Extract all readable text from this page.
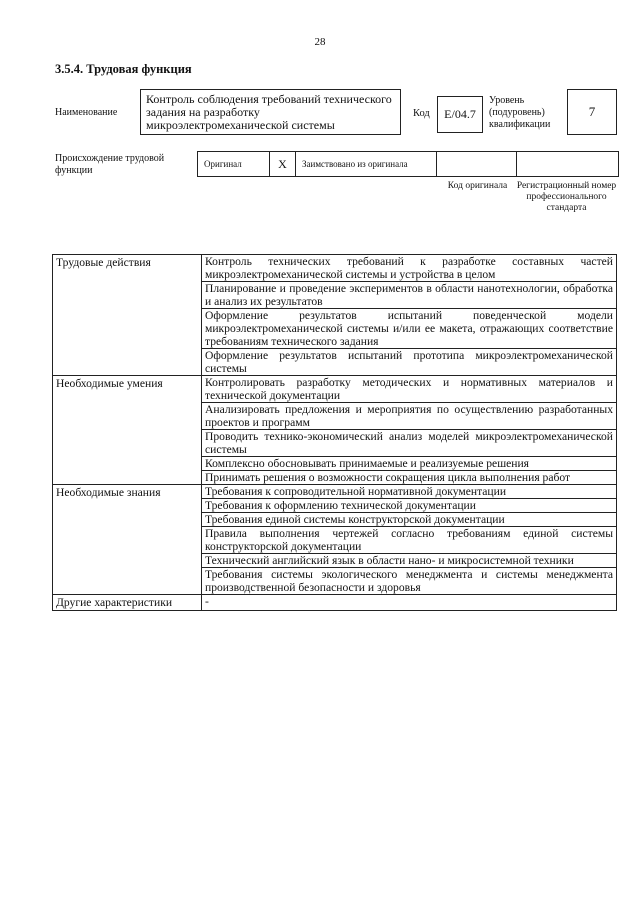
28
3.5.4. Трудовая функция
Наименование
Контроль соблюдения требований технического задания на разработку микроэлектромеханической системы
Код	E/04.7
Уровень (подуровень) квалификации
7
Происхождение трудовой функции
Оригинал	X	Заимствовано из оригинала
Код оригинала	Регистрационный номер профессионального стандарта
Трудовые действия	Контроль технических требований к разработке составных частей микроэлектромеханической системы и устройства в целом
	Планирование и проведение экспериментов в области нанотехнологии, обработка и анализ их результатов
	Оформление результатов испытаний поведенческой модели микроэлектромеханической системы и/или ее макета, отражающих соответствие требованиям технического задания
	Оформление результатов испытаний прототипа микроэлектромеханической системы
Необходимые умения	Контролировать разработку методических и нормативных материалов и технической документации
	Анализировать предложения и мероприятия по осуществлению разработанных проектов и программ
	Проводить технико-экономический анализ моделей микроэлектромеханической системы
	Комплексно обосновывать принимаемые и реализуемые решения
	Принимать решения о возможности сокращения цикла выполнения работ
Необходимые знания	Требования к сопроводительной нормативной документации
	Требования к оформлению технической документации
	Требования единой системы конструкторской документации
	Правила выполнения чертежей согласно требованиям единой системы конструкторской документации
	Технический английский язык в области нано- и микросистемной техники
	Требования системы экологического менеджмента и системы менеджмента производственной безопасности и здоровья
Другие характеристики	-
